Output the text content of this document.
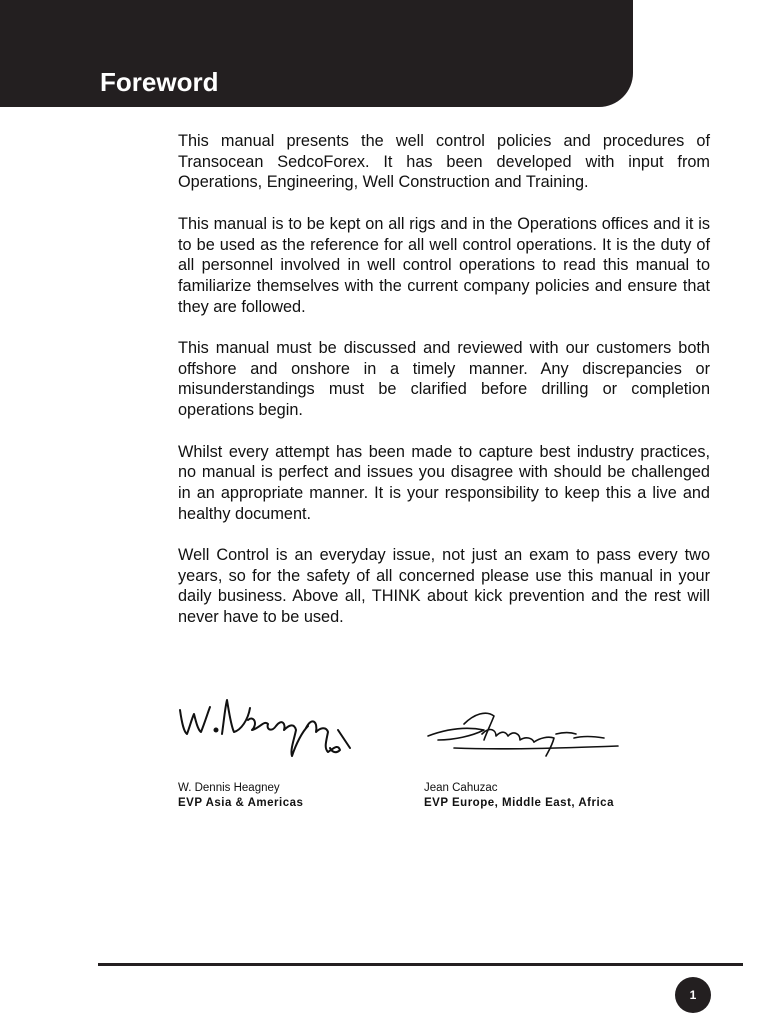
Foreword

This manual presents the well control policies and procedures of Transocean SedcoForex. It has been developed with input from Operations, Engineering, Well Construction and Training.

This manual is to be kept on all rigs and in the Operations offices and it is to be used as the reference for all well control operations. It is the duty of all personnel involved in well control operations to read this manual to familiarize themselves with the current company policies and ensure that they are followed.

This manual must be discussed and reviewed with our customers both offshore and onshore in a timely manner. Any discrepancies or misunderstandings must be clarified before drilling or completion operations begin.

Whilst every attempt has been made to capture best industry practices, no manual is perfect and issues you disagree with should be challenged in an appropriate manner. It is your responsibility to keep this a live and healthy document.

Well Control is an everyday issue, not just an exam to pass every two years, so for the safety of all concerned please use this manual in your daily business. Above all, THINK about kick prevention and the rest will never have to be used.

W. Dennis Heagney
EVP Asia & Americas
Jean Cahuzac
EVP Europe, Middle East, Africa
1
